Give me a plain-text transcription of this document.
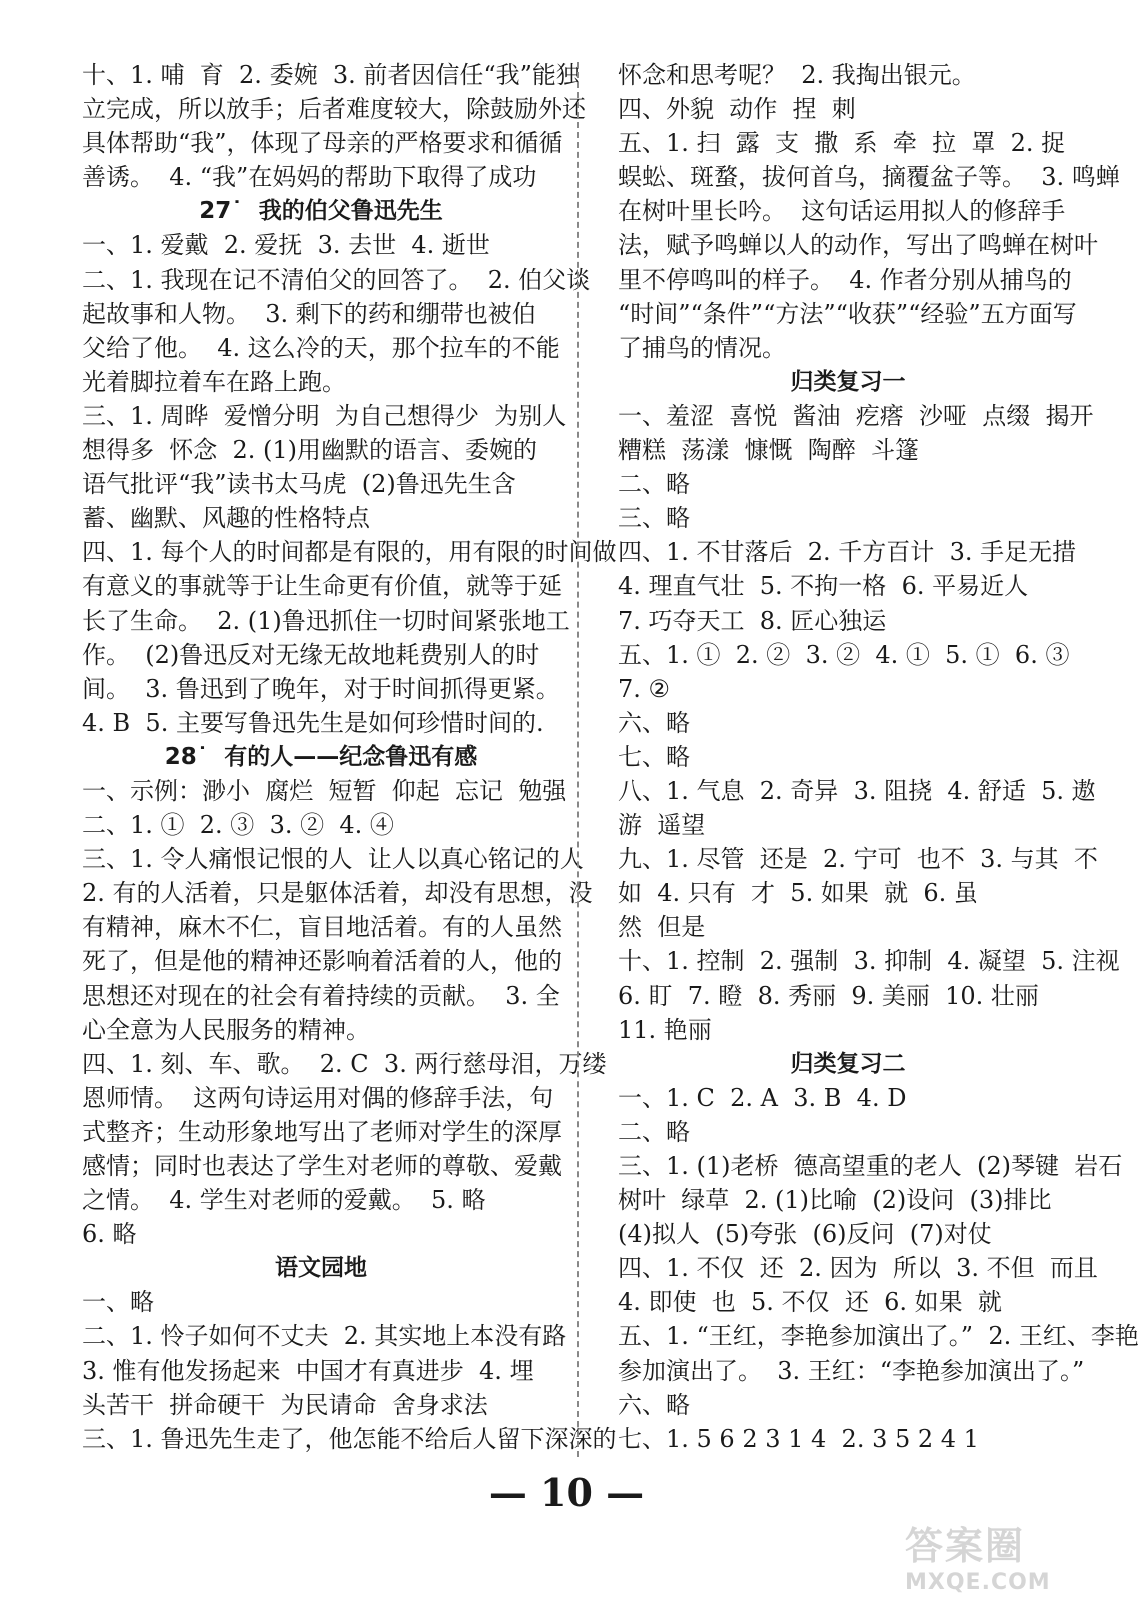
十、1. 哺  育  2. 委婉  3. 前者因信任“我”能独
立完成，所以放手；后者难度较大，除鼓励外还
具体帮助“我”，体现了母亲的严格要求和循循
善诱。  4. “我”在妈妈的帮助下取得了成功
27˙  我的伯父鲁迅先生
一、1. 爱戴  2. 爱抚  3. 去世  4. 逝世
二、1. 我现在记不清伯父的回答了。  2. 伯父谈
起故事和人物。  3. 剩下的药和绷带也被伯
父给了他。  4. 这么冷的天，那个拉车的不能
光着脚拉着车在路上跑。
三、1. 周晔  爱憎分明  为自己想得少  为别人
想得多  怀念  2. (1)用幽默的语言、委婉的
语气批评“我”读书太马虎  (2)鲁迅先生含
蓄、幽默、风趣的性格特点
四、1. 每个人的时间都是有限的，用有限的时间做
有意义的事就等于让生命更有价值，就等于延
长了生命。  2. (1)鲁迅抓住一切时间紧张地工
作。  (2)鲁迅反对无缘无故地耗费别人的时
间。  3. 鲁迅到了晚年，对于时间抓得更紧。
4. B  5. 主要写鲁迅先生是如何珍惜时间的.
28˙  有的人——纪念鲁迅有感
一、示例：渺小  腐烂  短暂  仰起  忘记  勉强
二、1. ①  2. ③  3. ②  4. ④
三、1. 令人痛恨记恨的人  让人以真心铭记的人
2. 有的人活着，只是躯体活着，却没有思想，没
有精神，麻木不仁，盲目地活着。有的人虽然
死了，但是他的精神还影响着活着的人，他的
思想还对现在的社会有着持续的贡献。  3. 全
心全意为人民服务的精神。
四、1. 刻、车、歌。  2. C  3. 两行慈母泪，万缕
恩师情。  这两句诗运用对偶的修辞手法，句
式整齐；生动形象地写出了老师对学生的深厚
感情；同时也表达了学生对老师的尊敬、爱戴
之情。  4. 学生对老师的爱戴。  5. 略
6. 略
语文园地
一、略
二、1. 怜子如何不丈夫  2. 其实地上本没有路
3. 惟有他发扬起来  中国才有真进步  4. 埋
头苦干  拼命硬干  为民请命  舍身求法
三、1. 鲁迅先生走了，他怎能不给后人留下深深的
怀念和思考呢？  2. 我掏出银元。
四、外貌  动作  捏  刺
五、1. 扫  露  支  撒  系  牵  拉  罩  2. 捉
蜈蚣、斑蝥，拔何首乌，摘覆盆子等。  3. 鸣蝉
在树叶里长吟。  这句话运用拟人的修辞手
法，赋予鸣蝉以人的动作，写出了鸣蝉在树叶
里不停鸣叫的样子。  4. 作者分别从捕鸟的
“时间”“条件”“方法”“收获”“经验”五方面写
了捕鸟的情况。
归类复习一
一、羞涩  喜悦  酱油  疙瘩  沙哑  点缀  揭开
糟糕  荡漾  慷慨  陶醉  斗篷
二、略
三、略
四、1. 不甘落后  2. 千方百计  3. 手足无措
4. 理直气壮  5. 不拘一格  6. 平易近人
7. 巧夺天工  8. 匠心独运
五、1. ①  2. ②  3. ②  4. ①  5. ①  6. ③
7. ②
六、略
七、略
八、1. 气息  2. 奇异  3. 阻挠  4. 舒适  5. 遨
游  遥望
九、1. 尽管  还是  2. 宁可  也不  3. 与其  不
如  4. 只有  才  5. 如果  就  6. 虽
然  但是
十、1. 控制  2. 强制  3. 抑制  4. 凝望  5. 注视
6. 盯  7. 瞪  8. 秀丽  9. 美丽  10. 壮丽
11. 艳丽
归类复习二
一、1. C  2. A  3. B  4. D
二、略
三、1. (1)老桥  德高望重的老人  (2)琴键  岩石
树叶  绿草  2. (1)比喻  (2)设问  (3)排比
(4)拟人  (5)夸张  (6)反问  (7)对仗
四、1. 不仅  还  2. 因为  所以  3. 不但  而且
4. 即使  也  5. 不仅  还  6. 如果  就
五、1. “王红，李艳参加演出了。”  2. 王红、李艳
参加演出了。  3. 王红：“李艳参加演出了。”
六、略
七、1. 5 6 2 3 1 4  2. 3 5 2 4 1
— 10 —
答案圈
MXQE.COM
